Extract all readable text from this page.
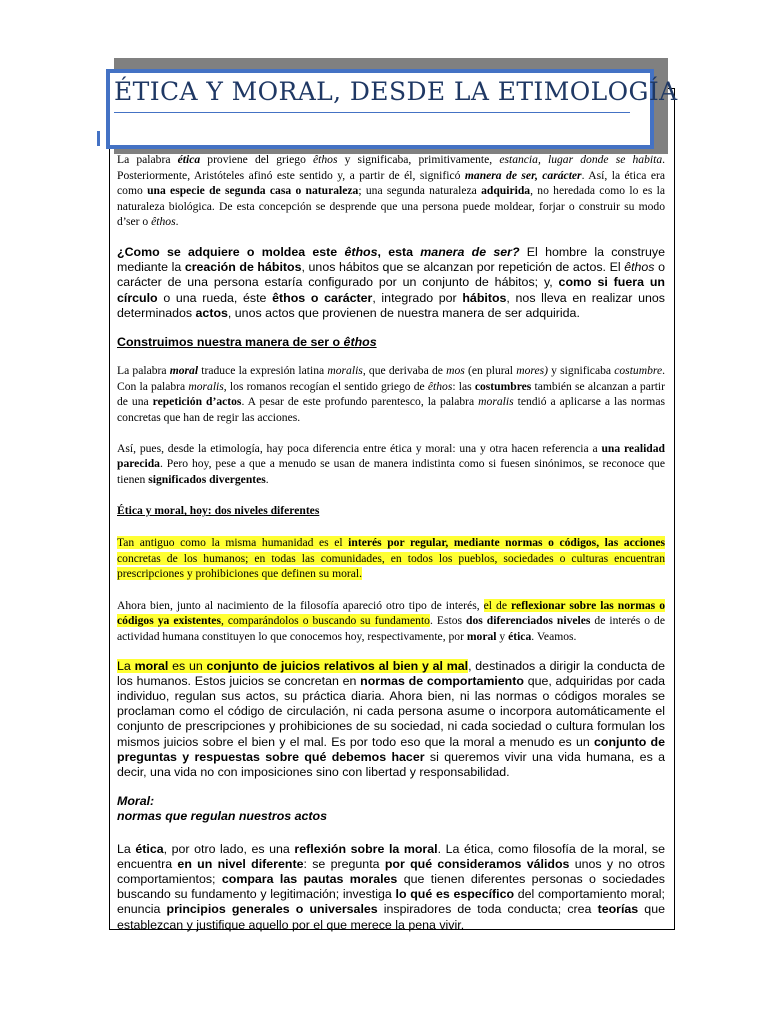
ÉTICA Y MORAL, DESDE LA ETIMOLOGÍA

La palabra ética proviene del griego êthos y significaba, primitivamente, estancia, lugar donde se habita. Posteriormente, Aristóteles afinó este sentido y, a partir de él, significó manera de ser, carácter. Así, la ética era como una especie de segunda casa o naturaleza; una segunda naturaleza adquirida, no heredada como lo es la naturaleza biológica. De esta concepción se desprende que una persona puede moldear, forjar o construir su modo d’ser o êthos.

¿Como se adquiere o moldea este êthos, esta manera de ser? El hombre la construye mediante la creación de hábitos, unos hábitos que se alcanzan por repetición de actos. El êthos o carácter de una persona estaría configurado por un conjunto de hábitos; y, como si fuera un círculo o una rueda, éste êthos o carácter, integrado por hábitos, nos lleva en realizar unos determinados actos, unos actos que provienen de nuestra manera de ser adquirida.

Construimos nuestra manera de ser o êthos

La palabra moral traduce la expresión latina moralis, que derivaba de mos (en plural mores) y significaba costumbre. Con la palabra moralis, los romanos recogían el sentido griego de êthos: las costumbres también se alcanzan a partir de una repetición d’actos. A pesar de este profundo parentesco, la palabra moralis tendió a aplicarse a las normas concretas que han de regir las acciones.

Así, pues, desde la etimología, hay poca diferencia entre ética y moral: una y otra hacen referencia a una realidad parecida. Pero hoy, pese a que a menudo se usan de manera indistinta como si fuesen sinónimos, se reconoce que tienen significados divergentes.

Ética y moral, hoy: dos niveles diferentes

Tan antiguo como la misma humanidad es el interés por regular, mediante normas o códigos, las acciones concretas de los humanos; en todas las comunidades, en todos los pueblos, sociedades o culturas encuentran prescripciones y prohibiciones que definen su moral.

Ahora bien, junto al nacimiento de la filosofía apareció otro tipo de interés, el de reflexionar sobre las normas o códigos ya existentes, comparándolos o buscando su fundamento. Estos dos diferenciados niveles de interés o de actividad humana constituyen lo que conocemos hoy, respectivamente, por moral y ética. Veamos.

La moral es un conjunto de juicios relativos al bien y al mal, destinados a dirigir la conducta de los humanos. Estos juicios se concretan en normas de comportamiento que, adquiridas por cada individuo, regulan sus actos, su práctica diaria. Ahora bien, ni las normas o códigos morales se proclaman como el código de circulación, ni cada persona asume o incorpora automáticamente el conjunto de prescripciones y prohibiciones de su sociedad, ni cada sociedad o cultura formulan los mismos juicios sobre el bien y el mal. Es por todo eso que la moral a menudo es un conjunto de preguntas y respuestas sobre qué debemos hacer si queremos vivir una vida humana, es a decir, una vida no con imposiciones sino con libertad y responsabilidad.

Moral:
normas que regulan nuestros actos

La ética, por otro lado, es una reflexión sobre la moral. La ética, como filosofía de la moral, se encuentra en un nivel diferente: se pregunta por qué consideramos válidos unos y no otros comportamientos; compara las pautas morales que tienen diferentes personas o sociedades buscando su fundamento y legitimación; investiga lo qué es específico del comportamiento moral; enuncia principios generales o universales inspiradores de toda conducta; crea teorías que establezcan y justifique aquello por el que merece la pena vivir.
